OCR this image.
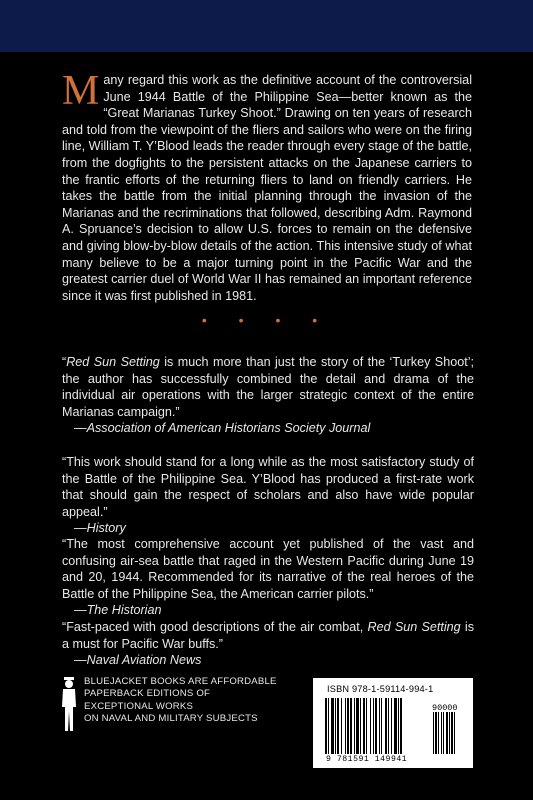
Many regard this work as the definitive account of the controversial June 1944 Battle of the Philippine Sea—better known as the “Great Marianas Turkey Shoot.” Drawing on ten years of research and told from the viewpoint of the fliers and sailors who were on the firing line, William T. Y’Blood leads the reader through every stage of the battle, from the dogfights to the persistent attacks on the Japanese carriers to the frantic efforts of the returning fliers to land on friendly carriers. He takes the battle from the initial planning through the invasion of the Marianas and the recriminations that followed, describing Adm. Raymond A. Spruance’s decision to allow U.S. forces to remain on the defensive and giving blow-by-blow details of the action. This intensive study of what many believe to be a major turning point in the Pacific War and the greatest carrier duel of World War II has remained an important reference since it was first published in 1981.

• • • •

“Red Sun Setting is much more than just the story of the ‘Turkey Shoot’; the author has successfully combined the detail and drama of the individual air operations with the larger strategic context of the entire Marianas campaign.”
—Association of American Historians Society Journal

“This work should stand for a long while as the most satisfactory study of the Battle of the Philippine Sea. Y’Blood has produced a first-rate work that should gain the respect of scholars and also have wide popular appeal.”
—History

“The most comprehensive account yet published of the vast and confusing air-sea battle that raged in the Western Pacific during June 19 and 20, 1944. Recommended for its narrative of the real heroes of the Battle of the Philippine Sea, the American carrier pilots.”
—The Historian

“Fast-paced with good descriptions of the air combat, Red Sun Setting is a must for Pacific War buffs.”
—Naval Aviation News

BLUEJACKET BOOKS ARE AFFORDABLE
PAPERBACK EDITIONS OF
EXCEPTIONAL WORKS
ON NAVAL AND MILITARY SUBJECTS
ISBN 978-1-59114-994-1
90000
9 781591 149941
